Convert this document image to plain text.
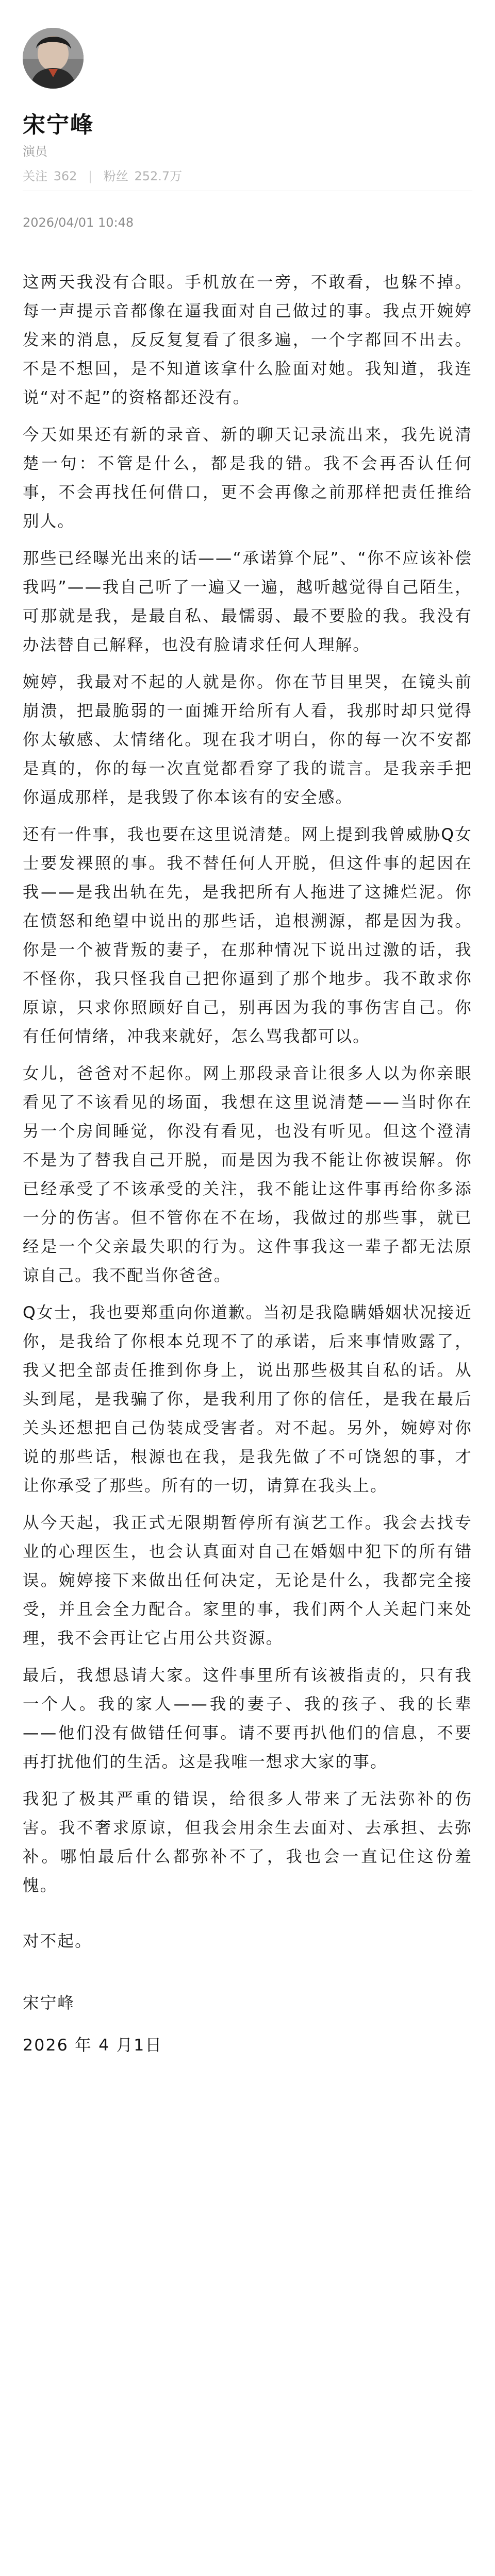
宋宁峰
演员
关注 362 | 粉丝 252.7万
2026/04/01 10:48

这两天我没有合眼。手机放在一旁，不敢看，也躲不掉。每一声提示音都像在逼我面对自己做过的事。我点开婉婷发来的消息，反反复复看了很多遍，一个字都回不出去。不是不想回，是不知道该拿什么脸面对她。我知道，我连说“对不起”的资格都还没有。

今天如果还有新的录音、新的聊天记录流出来，我先说清楚一句：不管是什么，都是我的错。我不会再否认任何事，不会再找任何借口，更不会再像之前那样把责任推给别人。

那些已经曝光出来的话——“承诺算个屁”、“你不应该补偿我吗”——我自己听了一遍又一遍，越听越觉得自己陌生，可那就是我，是最自私、最懦弱、最不要脸的我。我没有办法替自己解释，也没有脸请求任何人理解。

婉婷，我最对不起的人就是你。你在节目里哭，在镜头前崩溃，把最脆弱的一面摊开给所有人看，我那时却只觉得你太敏感、太情绪化。现在我才明白，你的每一次不安都是真的，你的每一次直觉都看穿了我的谎言。是我亲手把你逼成那样，是我毁了你本该有的安全感。

还有一件事，我也要在这里说清楚。网上提到我曾威胁Q女士要发裸照的事。我不替任何人开脱，但这件事的起因在我——是我出轨在先，是我把所有人拖进了这摊烂泥。你在愤怒和绝望中说出的那些话，追根溯源，都是因为我。你是一个被背叛的妻子，在那种情况下说出过激的话，我不怪你，我只怪我自己把你逼到了那个地步。我不敢求你原谅，只求你照顾好自己，别再因为我的事伤害自己。你有任何情绪，冲我来就好，怎么骂我都可以。

女儿，爸爸对不起你。网上那段录音让很多人以为你亲眼看见了不该看见的场面，我想在这里说清楚——当时你在另一个房间睡觉，你没有看见，也没有听见。但这个澄清不是为了替我自己开脱，而是因为我不能让你被误解。你已经承受了不该承受的关注，我不能让这件事再给你多添一分的伤害。但不管你在不在场，我做过的那些事，就已经是一个父亲最失职的行为。这件事我这一辈子都无法原谅自己。我不配当你爸爸。

Q女士，我也要郑重向你道歉。当初是我隐瞒婚姻状况接近你，是我给了你根本兑现不了的承诺，后来事情败露了，我又把全部责任推到你身上，说出那些极其自私的话。从头到尾，是我骗了你，是我利用了你的信任，是我在最后关头还想把自己伪装成受害者。对不起。另外，婉婷对你说的那些话，根源也在我，是我先做了不可饶恕的事，才让你承受了那些。所有的一切，请算在我头上。

从今天起，我正式无限期暂停所有演艺工作。我会去找专业的心理医生，也会认真面对自己在婚姻中犯下的所有错误。婉婷接下来做出任何决定，无论是什么，我都完全接受，并且会全力配合。家里的事，我们两个人关起门来处理，我不会再让它占用公共资源。

最后，我想恳请大家。这件事里所有该被指责的，只有我一个人。我的家人——我的妻子、我的孩子、我的长辈——他们没有做错任何事。请不要再扒他们的信息，不要再打扰他们的生活。这是我唯一想求大家的事。

我犯了极其严重的错误，给很多人带来了无法弥补的伤害。我不奢求原谅，但我会用余生去面对、去承担、去弥补。哪怕最后什么都弥补不了，我也会一直记住这份羞愧。

对不起。

宋宁峰

2026 年 4 月1日
